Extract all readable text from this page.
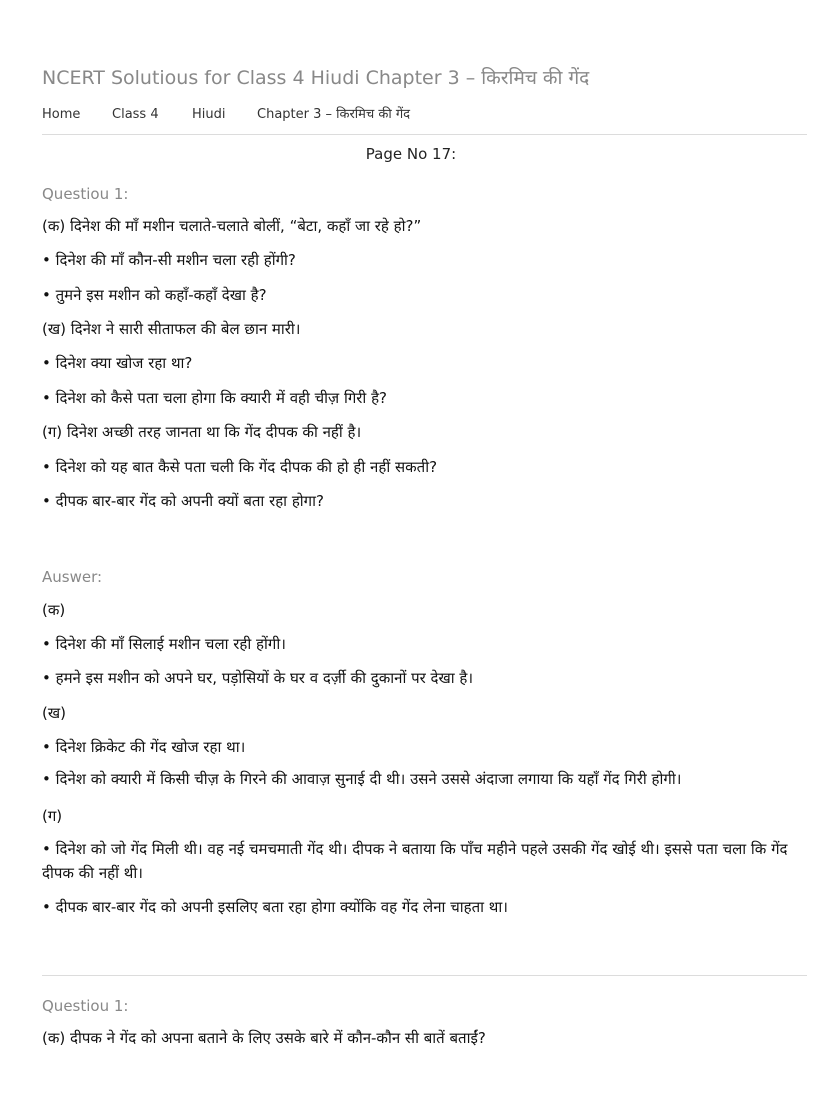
NCERT Solutious for Class 4 Hiudi Chapter 3 – किरमिच की गेंद
Home Class 4	Hiudi Chapter 3 – किरमिच की गेंद
Page No 17:
Questiou 1:
(क) दिनेश की माँ मशीन चलाते-चलाते बोलीं, “बेटा, कहाँ जा रहे हो?”
• दिनेश की माँ कौन-सी मशीन चला रही होंगी?
• तुमने इस मशीन को कहाँ-कहाँ देखा है?
(ख) दिनेश ने सारी सीताफल की बेल छान मारी।
• दिनेश क्या खोज रहा था?
• दिनेश को कैसे पता चला होगा कि क्यारी में वही चीज़ गिरी है?
(ग) दिनेश अच्छी तरह जानता था कि गेंद दीपक की नहीं है।
• दिनेश को यह बात कैसे पता चली कि गेंद दीपक की हो ही नहीं सकती?
• दीपक बार-बार गेंद को अपनी क्यों बता रहा होगा?
Auswer:
(क)
• दिनेश की माँ सिलाई मशीन चला रही होंगी।
• हमने इस मशीन को अपने घर, पड़ोसियों के घर व दर्ज़ी की दुकानों पर देखा है।
(ख)
• दिनेश क्रिकेट की गेंद खोज रहा था।
• दिनेश को क्यारी में किसी चीज़ के गिरने की आवाज़ सुनाई दी थी। उसने उससे अंदाजा लगाया कि यहाँ गेंद गिरी होगी।
(ग)
• दिनेश को जो गेंद मिली थी। वह नई चमचमाती गेंद थी। दीपक ने बताया कि पाँच महीने पहले उसकी गेंद खोई थी। इससे पता चला कि गेंद दीपक की नहीं थी।
• दीपक बार-बार गेंद को अपनी इसलिए बता रहा होगा क्योंकि वह गेंद लेना चाहता था।
Questiou 1:
(क) दीपक ने गेंद को अपना बताने के लिए उसके बारे में कौन-कौन सी बातें बताईं?
